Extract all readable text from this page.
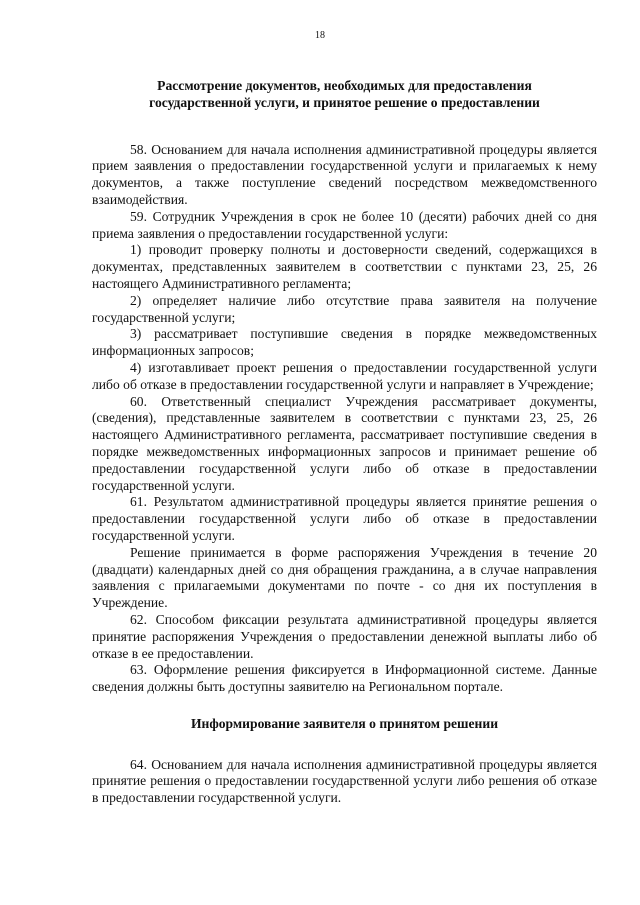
18
Рассмотрение документов, необходимых для предоставления
государственной услуги, и принятое решение о предоставлении

58. Основанием для начала исполнения административной процедуры является прием заявления о предоставлении государственной услуги и прилагаемых к нему документов, а также поступление сведений посредством межведомственного взаимодействия.

59. Сотрудник Учреждения в срок не более 10 (десяти) рабочих дней со дня приема заявления о предоставлении государственной услуги:

1) проводит проверку полноты и достоверности сведений, содержащихся в документах, представленных заявителем в соответствии с пунктами 23, 25, 26 настоящего Административного регламента;

2) определяет наличие либо отсутствие права заявителя на получение государственной услуги;

3) рассматривает поступившие сведения в порядке межведомственных информационных запросов;

4) изготавливает проект решения о предоставлении государственной услуги либо об отказе в предоставлении государственной услуги и направляет в Учреждение;

60. Ответственный специалист Учреждения рассматривает документы, (сведения), представленные заявителем в соответствии с пунктами 23, 25, 26 настоящего Административного регламента, рассматривает поступившие сведения в порядке межведомственных информационных запросов и принимает решение об предоставлении государственной услуги либо об отказе в предоставлении государственной услуги.

61. Результатом административной процедуры является принятие решения о предоставлении государственной услуги либо об отказе в предоставлении государственной услуги.

Решение принимается в форме распоряжения Учреждения в течение 20 (двадцати) календарных дней со дня обращения гражданина, а в случае направления заявления с прилагаемыми документами по почте - со дня их поступления в Учреждение.

62. Способом фиксации результата административной процедуры является принятие распоряжения Учреждения о предоставлении денежной выплаты либо об отказе в ее предоставлении.

63. Оформление решения фиксируется в Информационной системе. Данные сведения должны быть доступны заявителю на Региональном портале.

Информирование заявителя о принятом решении

64. Основанием для начала исполнения административной процедуры является принятие решения о предоставлении государственной услуги либо решения об отказе в предоставлении государственной услуги.
